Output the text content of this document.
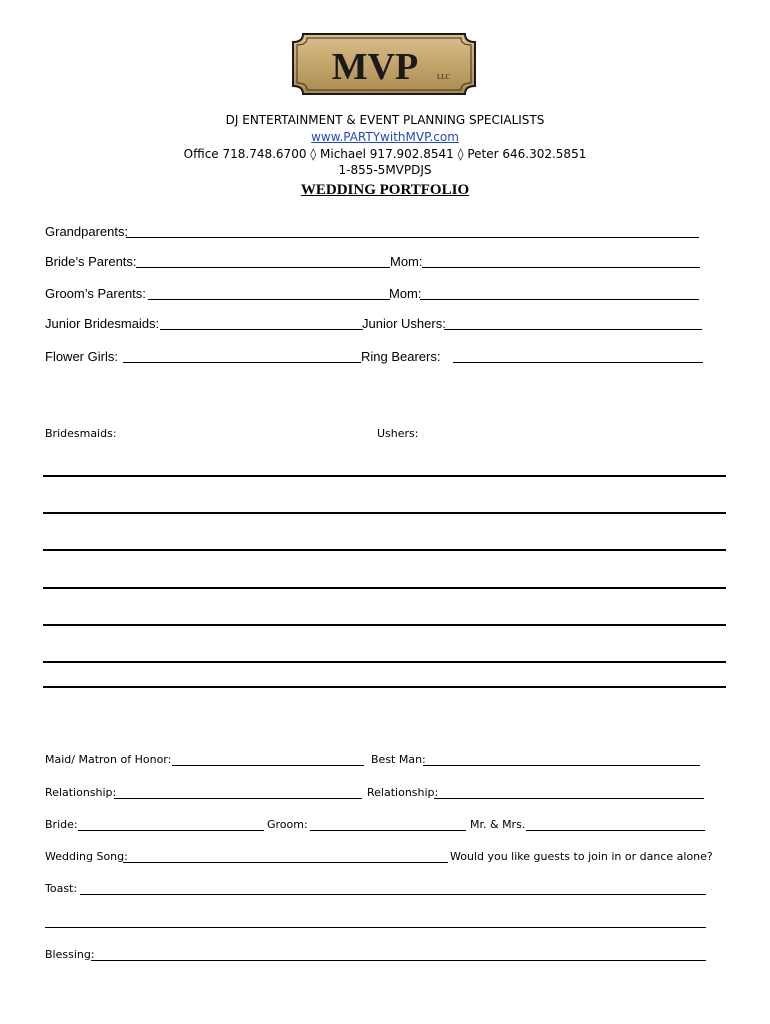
MVP	LLC
DJ ENTERTAINMENT & EVENT PLANNING SPECIALISTS
www.PARTYwithMVP.com
Office 718.748.6700 ◊ Michael 917.902.8541 ◊ Peter 646.302.5851
1-855-5MVPDJS
WEDDING PORTFOLIO
Grandparents:
Bride’s Parents:	Mom:
Groom’s Parents:	Mom:
Junior Bridesmaids:	Junior Ushers:
Flower Girls:	Ring Bearers:
Bridesmaids:	Ushers:
Maid/ Matron of Honor:	Best Man:
Relationship:	Relationship:
Bride:	Groom:	Mr. & Mrs.
Wedding Song:	Would you like guests to join in or dance alone?
Toast:
Blessing:
